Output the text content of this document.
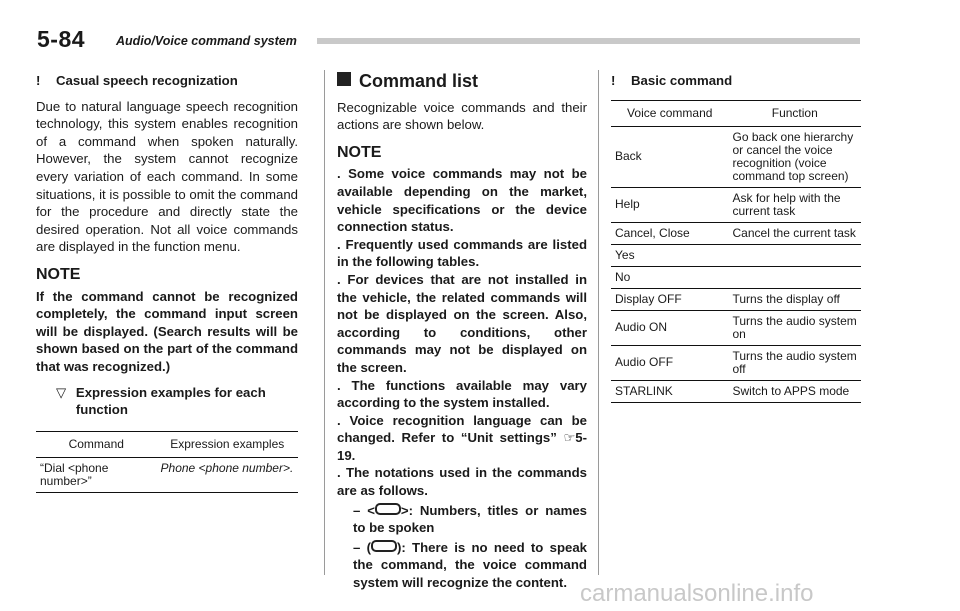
5-84 Audio/Voice command system
! Casual speech recognization
Due to natural language speech recognition technology, this system enables recognition of a command when spoken naturally. However, the system cannot recognize every variation of each command. In some situations, it is possible to omit the command for the procedure and directly state the desired operation. Not all voice commands are displayed in the function menu.
NOTE
If the command cannot be recognized completely, the command input screen will be displayed. (Search results will be shown based on the part of the command that was recognized.)
▽ Expression examples for each function
Command	Expression examples
“Dial <phone number>”	Phone <phone number>.
Command list
Recognizable voice commands and their actions are shown below.
NOTE
. Some voice commands may not be available depending on the market, vehicle specifications or the device connection status.
. Frequently used commands are listed in the following tables.
. For devices that are not installed in the vehicle, the related commands will not be displayed on the screen. Also, according to conditions, other commands may not be displayed on the screen.
. The functions available may vary according to the system installed.
. Voice recognition language can be changed. Refer to “Unit settings” ☞5-19.
. The notations used in the commands are as follows.
– < >: Numbers, titles or names to be spoken
– ( ): There is no need to speak the command, the voice command system will recognize the content.
! Basic command
Voice command	Function
Back	Go back one hierarchy or cancel the voice recognition (voice command top screen)
Help	Ask for help with the current task
Cancel, Close	Cancel the current task
Yes	
No	
Display OFF	Turns the display off
Audio ON	Turns the audio system on
Audio OFF	Turns the audio system off
STARLINK	Switch to APPS mode
carmanualsonline.info
